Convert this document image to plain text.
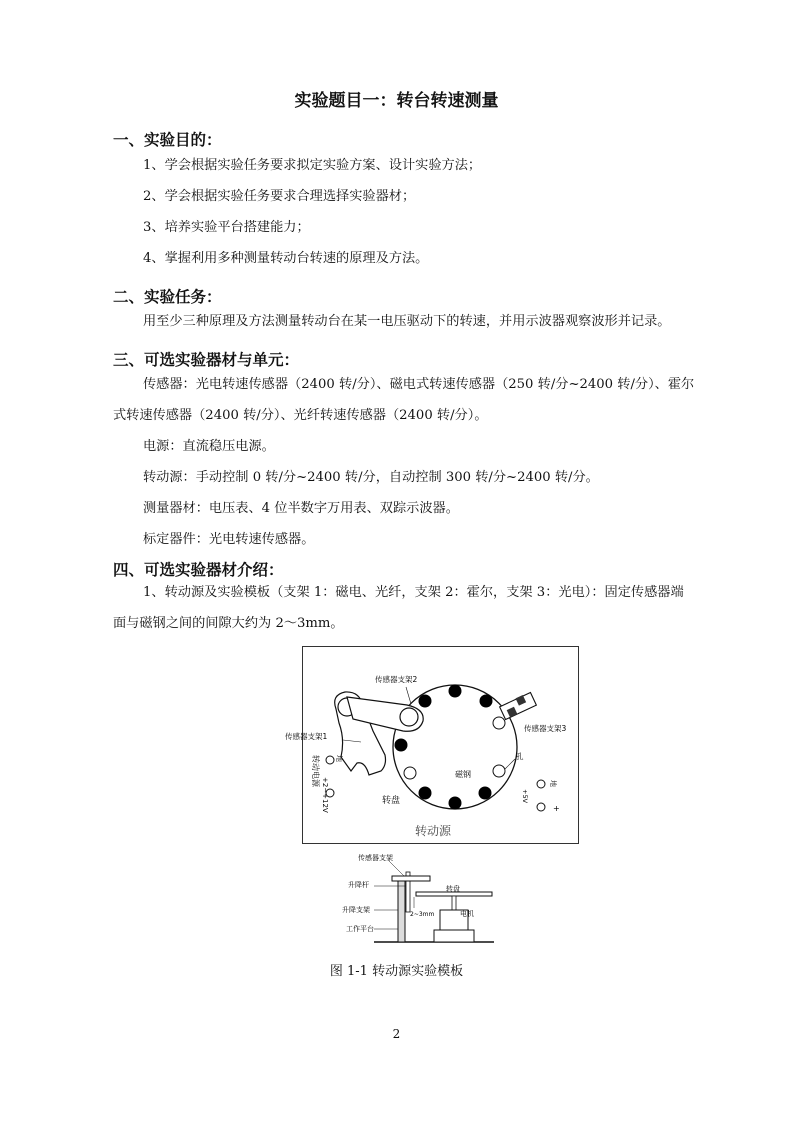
实验题目一：转台转速测量
一、实验目的：
1、学会根据实验任务要求拟定实验方案、设计实验方法；
2、学会根据实验任务要求合理选择实验器材；
3、培养实验平台搭建能力；
4、掌握利用多种测量转动台转速的原理及方法。
二、实验任务：
用至少三种原理及方法测量转动台在某一电压驱动下的转速，并用示波器观察波形并记录。
三、可选实验器材与单元：
传感器：光电转速传感器（2400 转/分）、磁电式转速传感器（250 转/分~2400 转/分）、霍尔
式转速传感器（2400 转/分）、光纤转速传感器（2400 转/分）。
电源：直流稳压电源。
转动源：手动控制 0 转/分~2400 转/分，自动控制 300 转/分~2400 转/分。
测量器材：电压表、4 位半数字万用表、双踪示波器。
标定器件：光电转速传感器。
四、可选实验器材介绍：
1、转动源及实验模板（支架 1：磁电、光纤，支架 2：霍尔，支架 3：光电）：固定传感器端
面与磁钢之间的间隙大约为 2～3mm。
传感器支架2
传感器支架1
传感器支架3
孔
磁钢
转盘
转动电源
+2~+12V
地
+5V
地
+
转动源
传感器支架
升降杆	转盘
升降支架
2~3mm	电机
工作平台
图 1-1 转动源实验模板
2
